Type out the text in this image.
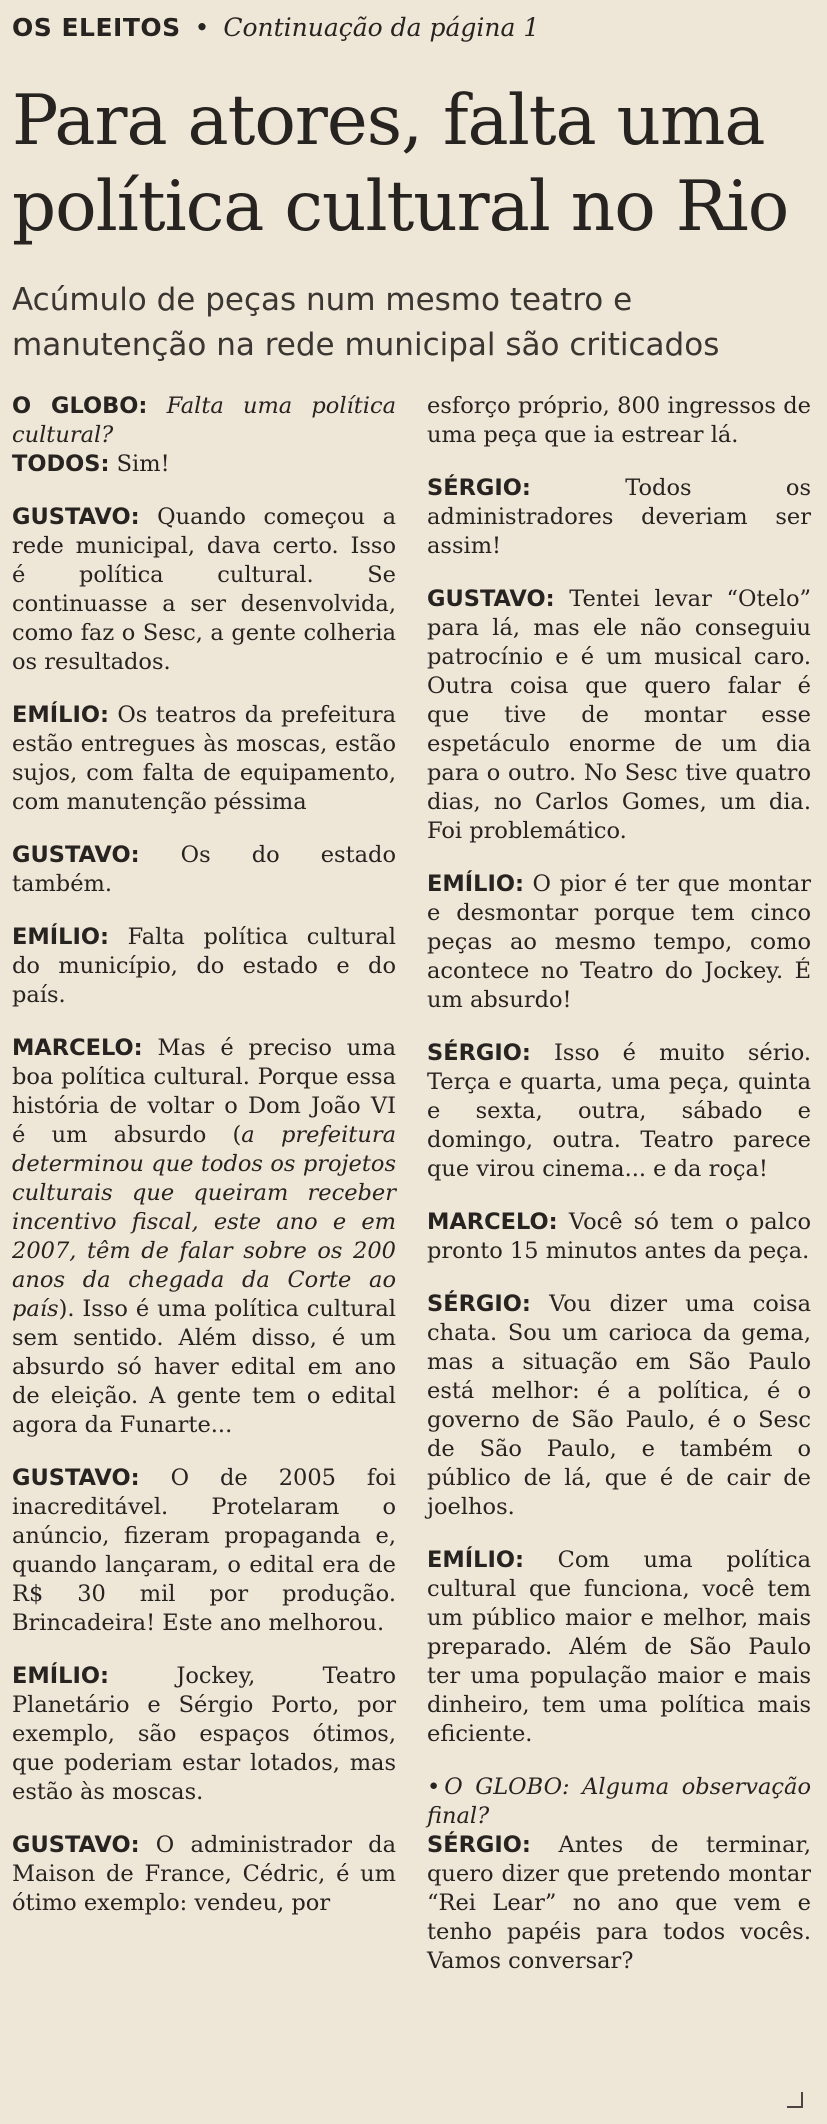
OS ELEITOS • Continuação da página 1
Para atores, falta uma política cultural no Rio
Acúmulo de peças num mesmo teatro e manutenção na rede municipal são criticados

O GLOBO: Falta uma política cultural?
TODOS: Sim!

GUSTAVO: Quando começou a rede municipal, dava certo. Isso é política cultural. Se continuasse a ser desenvolvida, como faz o Sesc, a gente colheria os resultados.

EMÍLIO: Os teatros da prefeitura estão entregues às moscas, estão sujos, com falta de equipamento, com manutenção péssima

GUSTAVO: Os do estado também.

EMÍLIO: Falta política cultural do município, do estado e do país.

MARCELO: Mas é preciso uma boa política cultural. Porque essa história de voltar o Dom João VI é um absurdo (a prefeitura determinou que todos os projetos culturais que queiram receber incentivo fiscal, este ano e em 2007, têm de falar sobre os 200 anos da chegada da Corte ao país). Isso é uma política cultural sem sentido. Além disso, é um absurdo só haver edital em ano de eleição. A gente tem o edital agora da Funarte...

GUSTAVO: O de 2005 foi inacreditável. Protelaram o anúncio, fizeram propaganda e, quando lançaram, o edital era de R$ 30 mil por produção. Brincadeira! Este ano melhorou.

EMÍLIO:	Jockey, Teatro Planetário e Sérgio Porto, por exemplo, são espaços ótimos, que poderiam estar lotados, mas estão às moscas.

GUSTAVO: O administrador da Maison de France, Cédric, é um ótimo exemplo: vendeu, por

esforço próprio, 800 ingressos de uma peça que ia estrear lá.

SÉRGIO:	Todos os administradores deveriam ser assim!

GUSTAVO: Tentei levar “Otelo” para lá, mas ele não conseguiu patrocínio e é um musical caro. Outra coisa que quero falar é que tive de montar esse espetáculo enorme de um dia para o outro. No Sesc tive quatro dias, no Carlos Gomes, um dia. Foi problemático.

EMÍLIO: O pior é ter que montar e desmontar porque tem cinco peças ao mesmo tempo, como acontece no Teatro do Jockey. É um absurdo!

SÉRGIO: Isso é muito sério. Terça e quarta, uma peça, quinta e sexta, outra, sábado e domingo, outra. Teatro parece que virou cinema... e da roça!

MARCELO: Você só tem o palco pronto 15 minutos antes da peça.

SÉRGIO: Vou dizer uma coisa chata. Sou um carioca da gema, mas a situação em São Paulo está melhor: é a política, é o governo de São Paulo, é o Sesc de São Paulo, e também o público de lá, que é de cair de joelhos.

EMÍLIO: Com uma política cultural que funciona, você tem um público maior e melhor, mais preparado. Além de São Paulo ter uma população maior e mais dinheiro, tem uma política mais eficiente.

• O GLOBO: Alguma observação final?

SÉRGIO: Antes de terminar, quero dizer que pretendo montar “Rei Lear” no ano que vem e tenho papéis para todos vocês. Vamos conversar?
